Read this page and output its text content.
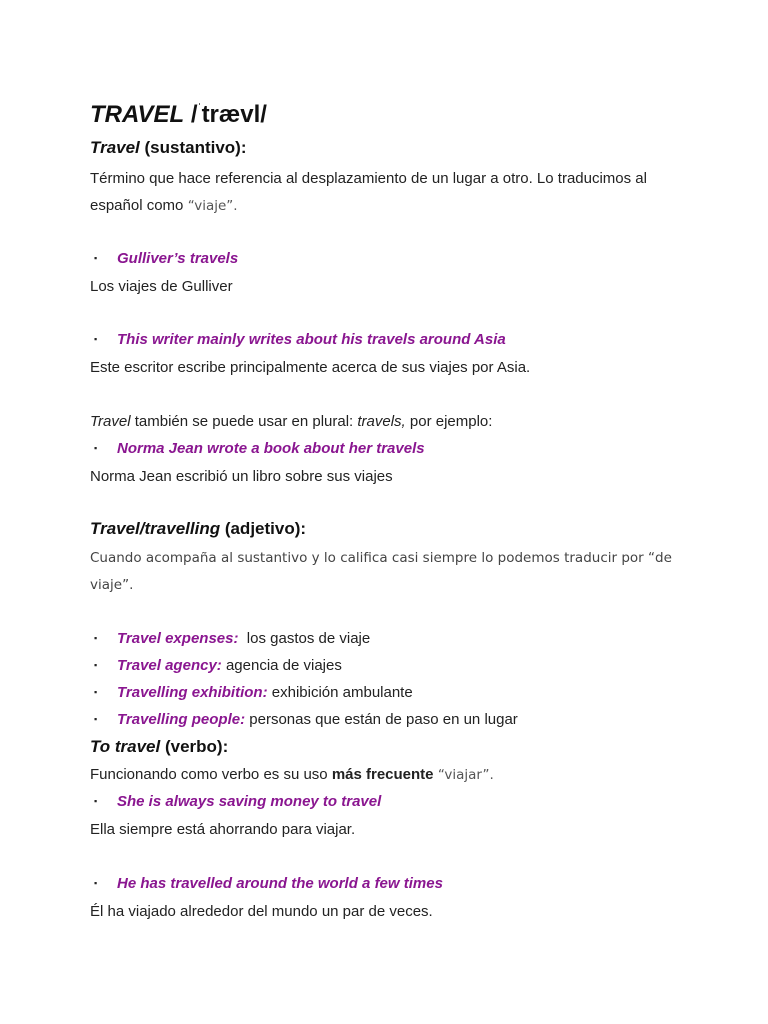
TRAVEL /$^ˈ$trævl/
Travel (sustantivo):
Término que hace referencia al desplazamiento de un lugar a otro. Lo traducimos al
español como “viaje”.
▪ Gulliver’s travels
Los viajes de Gulliver
▪ This writer mainly writes about his travels around Asia
Este escritor escribe principalmente acerca de sus viajes por Asia.
Travel también se puede usar en plural: travels, por ejemplo:
▪ Norma Jean wrote a book about her travels
Norma Jean escribió un libro sobre sus viajes
Travel/travelling (adjetivo):
Cuando acompaña al sustantivo y lo califica casi siempre lo podemos traducir por “de
viaje”.
▪ Travel expenses:  los gastos de viaje
▪ Travel agency: agencia de viajes
▪ Travelling exhibition: exhibición ambulante
▪ Travelling people: personas que están de paso en un lugar
To travel (verbo):
Funcionando como verbo es su uso más frecuente “viajar”.
▪ She is always saving money to travel
Ella siempre está ahorrando para viajar.
▪ He has travelled around the world a few times
Él ha viajado alrededor del mundo un par de veces.
